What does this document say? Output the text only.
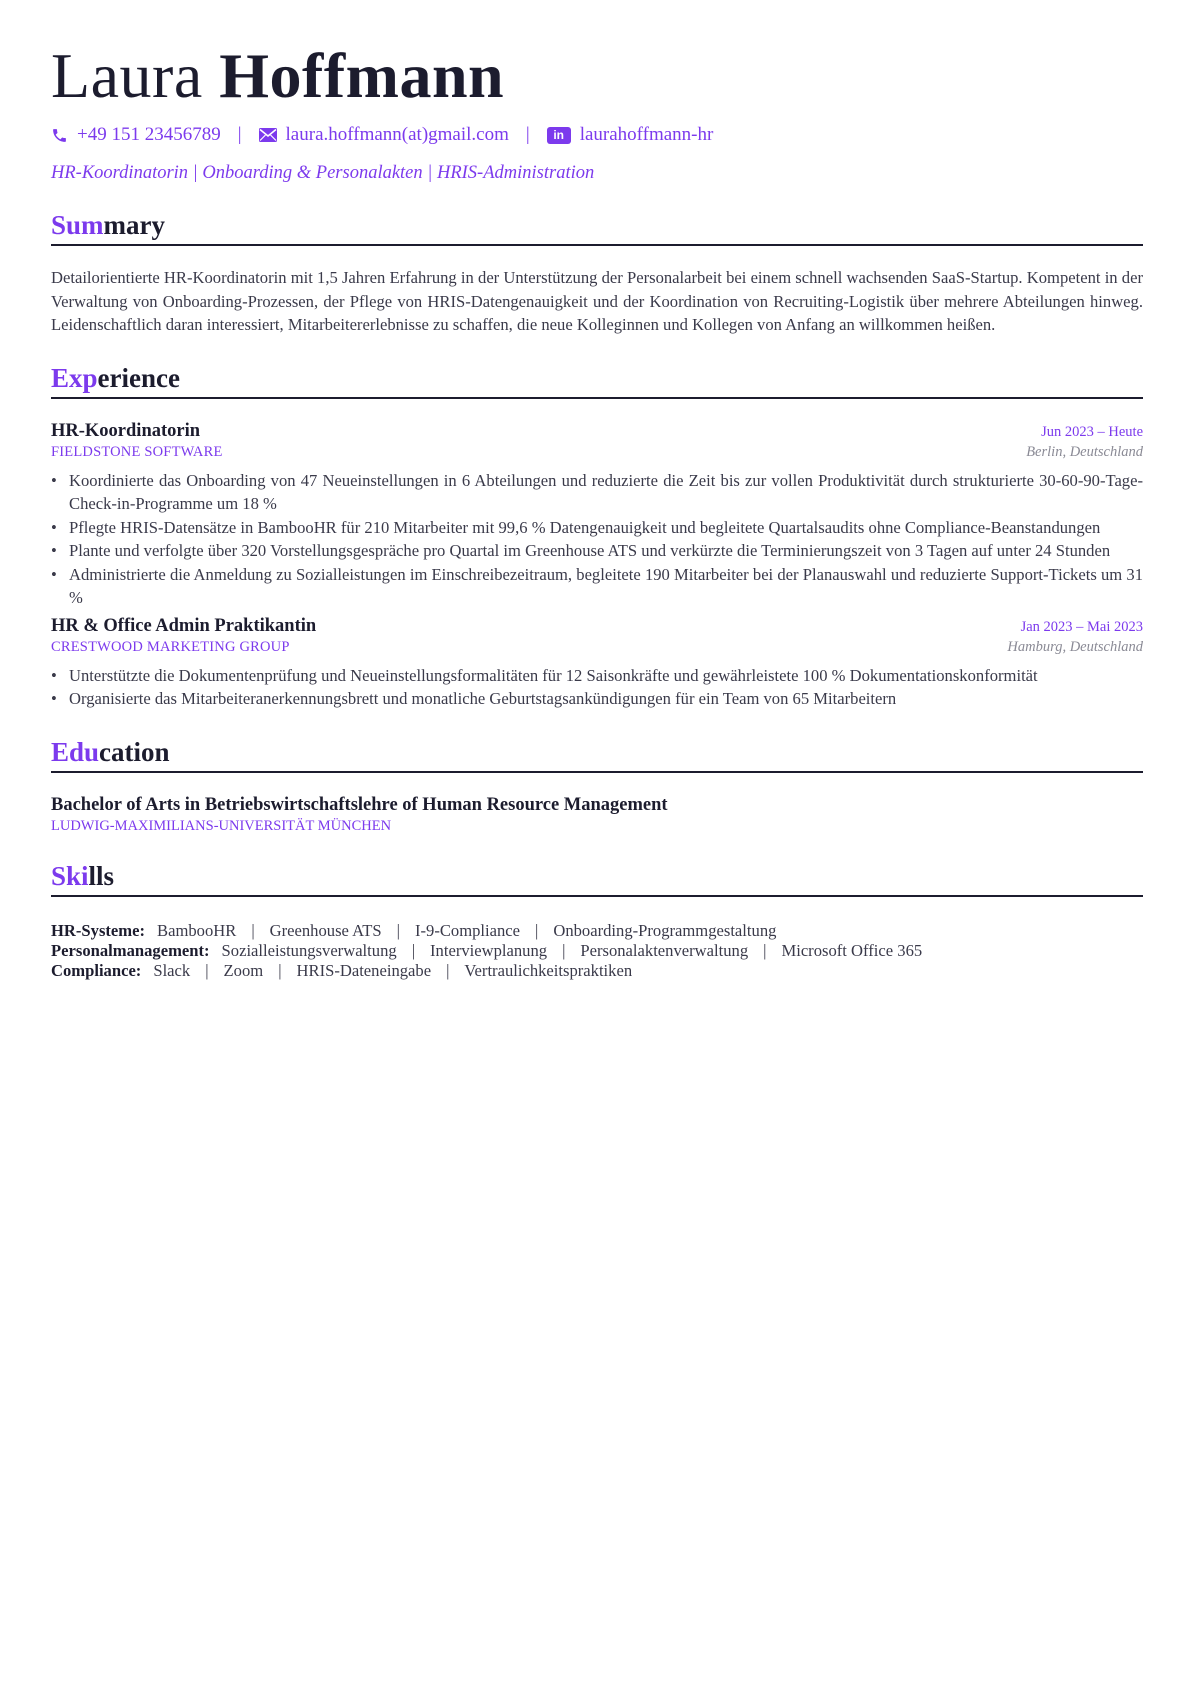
Laura Hoffmann
+49 151 23456789 | laura.hoffmann(at)gmail.com |	in laurahoffmann-hr
HR-Koordinatorin | Onboarding & Personalakten | HRIS-Administration
Summary
Detailorientierte HR-Koordinatorin mit 1,5 Jahren Erfahrung in der Unterstützung der Personalarbeit bei einem schnell wachsenden SaaS-Startup. Kompetent in der Verwaltung von Onboarding-Prozessen, der Pflege von HRIS-Datengenauigkeit und der Koordination von Recruiting-Logistik über mehrere Abteilungen hinweg. Leidenschaftlich daran interessiert, Mitarbeitererlebnisse zu schaffen, die neue Kolleginnen und Kollegen von Anfang an willkommen heißen.
Experience
HR-Koordinatorin	Jun 2023 – Heute
FIELDSTONE SOFTWARE	Berlin, Deutschland
• Koordinierte das Onboarding von 47 Neueinstellungen in 6 Abteilungen und reduzierte die Zeit bis zur vollen Produktivität durch strukturierte 30-60-90-Tage-Check-in-Programme um 18 %
• Pflegte HRIS-Datensätze in BambooHR für 210 Mitarbeiter mit 99,6 % Datengenauigkeit und begleitete Quartalsaudits ohne Compliance-Beanstandungen
• Plante und verfolgte über 320 Vorstellungsgespräche pro Quartal im Greenhouse ATS und verkürzte die Terminierungszeit von 3 Tagen auf unter 24 Stunden
• Administrierte die Anmeldung zu Sozialleistungen im Einschreibezeitraum, begleitete 190 Mitarbeiter bei der Planauswahl und reduzierte Support-Tickets um 31 %
HR & Office Admin Praktikantin	Jan 2023 – Mai 2023
CRESTWOOD MARKETING GROUP	Hamburg, Deutschland
• Unterstützte die Dokumentenprüfung und Neueinstellungsformalitäten für 12 Saisonkräfte und gewährleistete 100 % Dokumentationskonformität
• Organisierte das Mitarbeiteranerkennungsbrett und monatliche Geburtstagsankündigungen für ein Team von 65 Mitarbeitern
Education
Bachelor of Arts in Betriebswirtschaftslehre of Human Resource Management
LUDWIG-MAXIMILIANS-UNIVERSITÄT MÜNCHEN
Skills
HR-Systeme: BambooHR | Greenhouse ATS | I-9-Compliance | Onboarding-Programmgestaltung
Personalmanagement: Sozialleistungsverwaltung | Interviewplanung | Personalaktenverwaltung | Microsoft Office 365
Compliance: Slack | Zoom | HRIS-Dateneingabe | Vertraulichkeitspraktiken
